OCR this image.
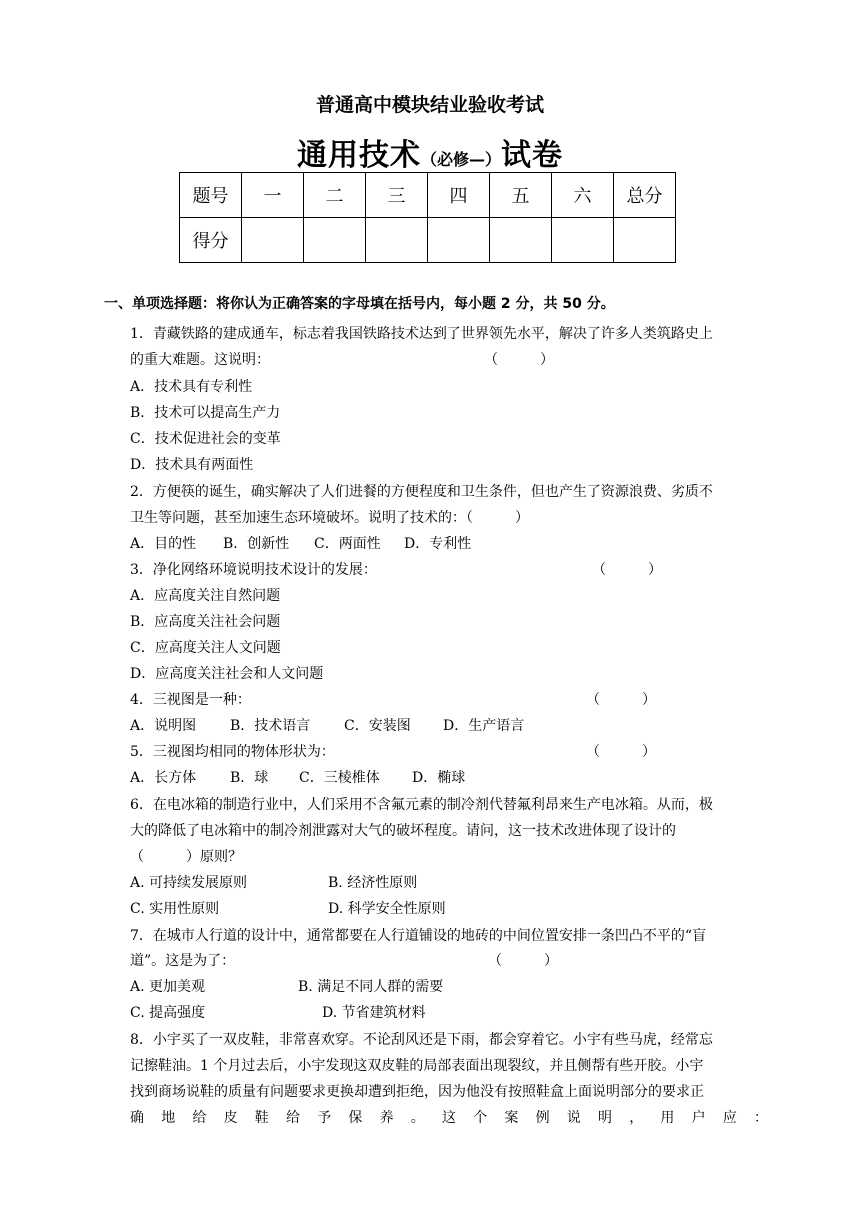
普通高中模块结业验收考试
通用技术（必修—）试卷
题号	一	二	三	四	五	六	总分
得分							
一、单项选择题：将你认为正确答案的字母填在括号内，每小题 2 分，共 50 分。
1．青藏铁路的建成通车，标志着我国铁路技术达到了世界领先水平，解决了许多人类筑路史上
的重大难题。这说明：	（　　　）
A．技术具有专利性
B．技术可以提高生产力
C．技术促进社会的变革
D．技术具有两面性
2．方便筷的诞生，确实解决了人们进餐的方便程度和卫生条件，但也产生了资源浪费、劣质不
卫生等问题，甚至加速生态环境破坏。说明了技术的：（　　　）
A．目的性 B．创新性 C．两面性 D．专利性
3．净化网络环境说明技术设计的发展：	（　　　）
A．应高度关注自然问题
B．应高度关注社会问题
C．应高度关注人文问题
D．应高度关注社会和人文问题
4．三视图是一种：	（　　　）
A．说明图 B．技术语言 C．安装图 D．生产语言
5．三视图均相同的物体形状为：	（　　　）
A．长方体 B．球 C．三棱椎体 D．椭球
6．在电冰箱的制造行业中，人们采用不含氟元素的制冷剂代替氟利昂来生产电冰箱。从而，极
大的降低了电冰箱中的制冷剂泄露对大气的破坏程度。请问，这一技术改进体现了设计的
（　　　）原则？
A. 可持续发展原则	B. 经济性原则
C. 实用性原则	D. 科学安全性原则
7．在城市人行道的设计中，通常都要在人行道铺设的地砖的中间位置安排一条凹凸不平的“盲
道”。这是为了：	（　　　）
A. 更加美观	B. 满足不同人群的需要
C. 提高强度	D. 节省建筑材料
8．小宇买了一双皮鞋，非常喜欢穿。不论刮风还是下雨，都会穿着它。小宇有些马虎，经常忘
记擦鞋油。1 个月过去后，小宇发现这双皮鞋的局部表面出现裂纹，并且侧帮有些开胶。小宇
找到商场说鞋的质量有问题要求更换却遭到拒绝，因为他没有按照鞋盒上面说明部分的要求正
确地给皮鞋给予保养。这个案例说明，用户应：
